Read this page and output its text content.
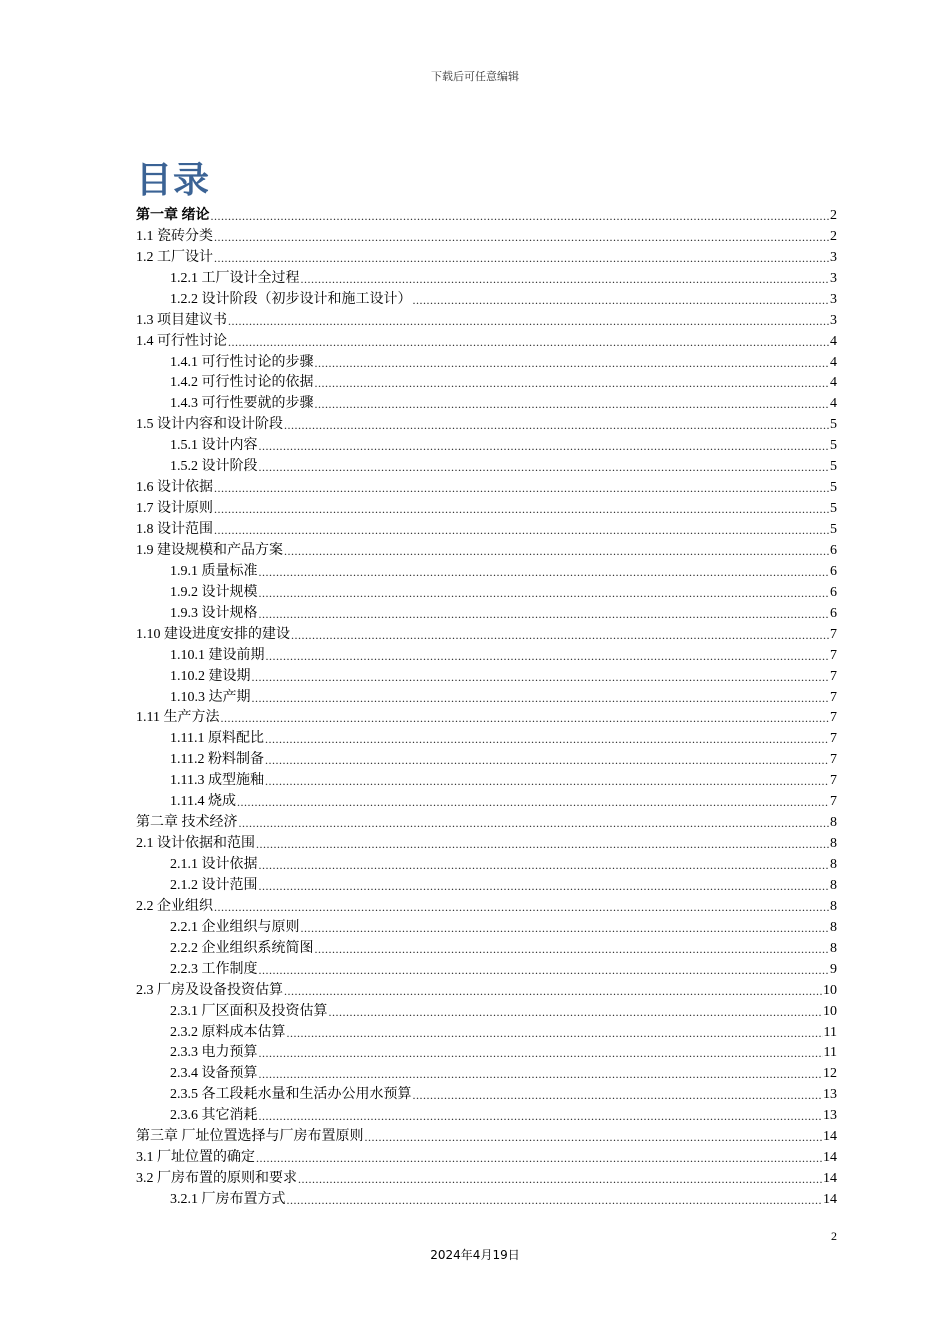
下载后可任意编辑
目录
第一章 绪论 .....	2
1.1 瓷砖分类 .....	2
1.2 工厂设计 .....	3
1.2.1 工厂设计全过程 .....	3
1.2.2 设计阶段（初步设计和施工设计） .....	3
1.3 项目建议书 .....	3
1.4 可行性讨论 .....	4
1.4.1 可行性讨论的步骤 .....	4
1.4.2 可行性讨论的依据 .....	4
1.4.3 可行性要就的步骤 .....	4
1.5 设计内容和设计阶段 .....	5
1.5.1 设计内容 .....	5
1.5.2 设计阶段 .....	5
1.6 设计依据 .....	5
1.7 设计原则 .....	5
1.8 设计范围 .....	5
1.9 建设规模和产品方案 .....	6
1.9.1 质量标准 .....	6
1.9.2 设计规模 .....	6
1.9.3 设计规格 .....	6
1.10 建设进度安排的建设 .....	7
1.10.1 建设前期 .....	7
1.10.2 建设期 .....	7
1.10.3 达产期 .....	7
1.11 生产方法 .....	7
1.11.1 原料配比 .....	7
1.11.2 粉料制备 .....	7
1.11.3 成型施釉 .....	7
1.11.4 烧成 .....	7
第二章 技术经济 .....	8
2.1 设计依据和范围 .....	8
2.1.1 设计依据 .....	8
2.1.2 设计范围 .....	8
2.2 企业组织 .....	8
2.2.1 企业组织与原则 .....	8
2.2.2 企业组织系统简图 .....	8
2.2.3 工作制度 .....	9
2.3 厂房及设备投资估算 .....	10
2.3.1 厂区面积及投资估算 .....	10
2.3.2 原料成本估算 .....	11
2.3.3 电力预算 .....	11
2.3.4 设备预算 .....	12
2.3.5 各工段耗水量和生活办公用水预算 .....	13
2.3.6 其它消耗 .....	13
第三章 厂址位置选择与厂房布置原则 .....	14
3.1 厂址位置的确定 .....	14
3.2 厂房布置的原则和要求 .....	14
3.2.1 厂房布置方式 .....	14
2
2024年4月19日
